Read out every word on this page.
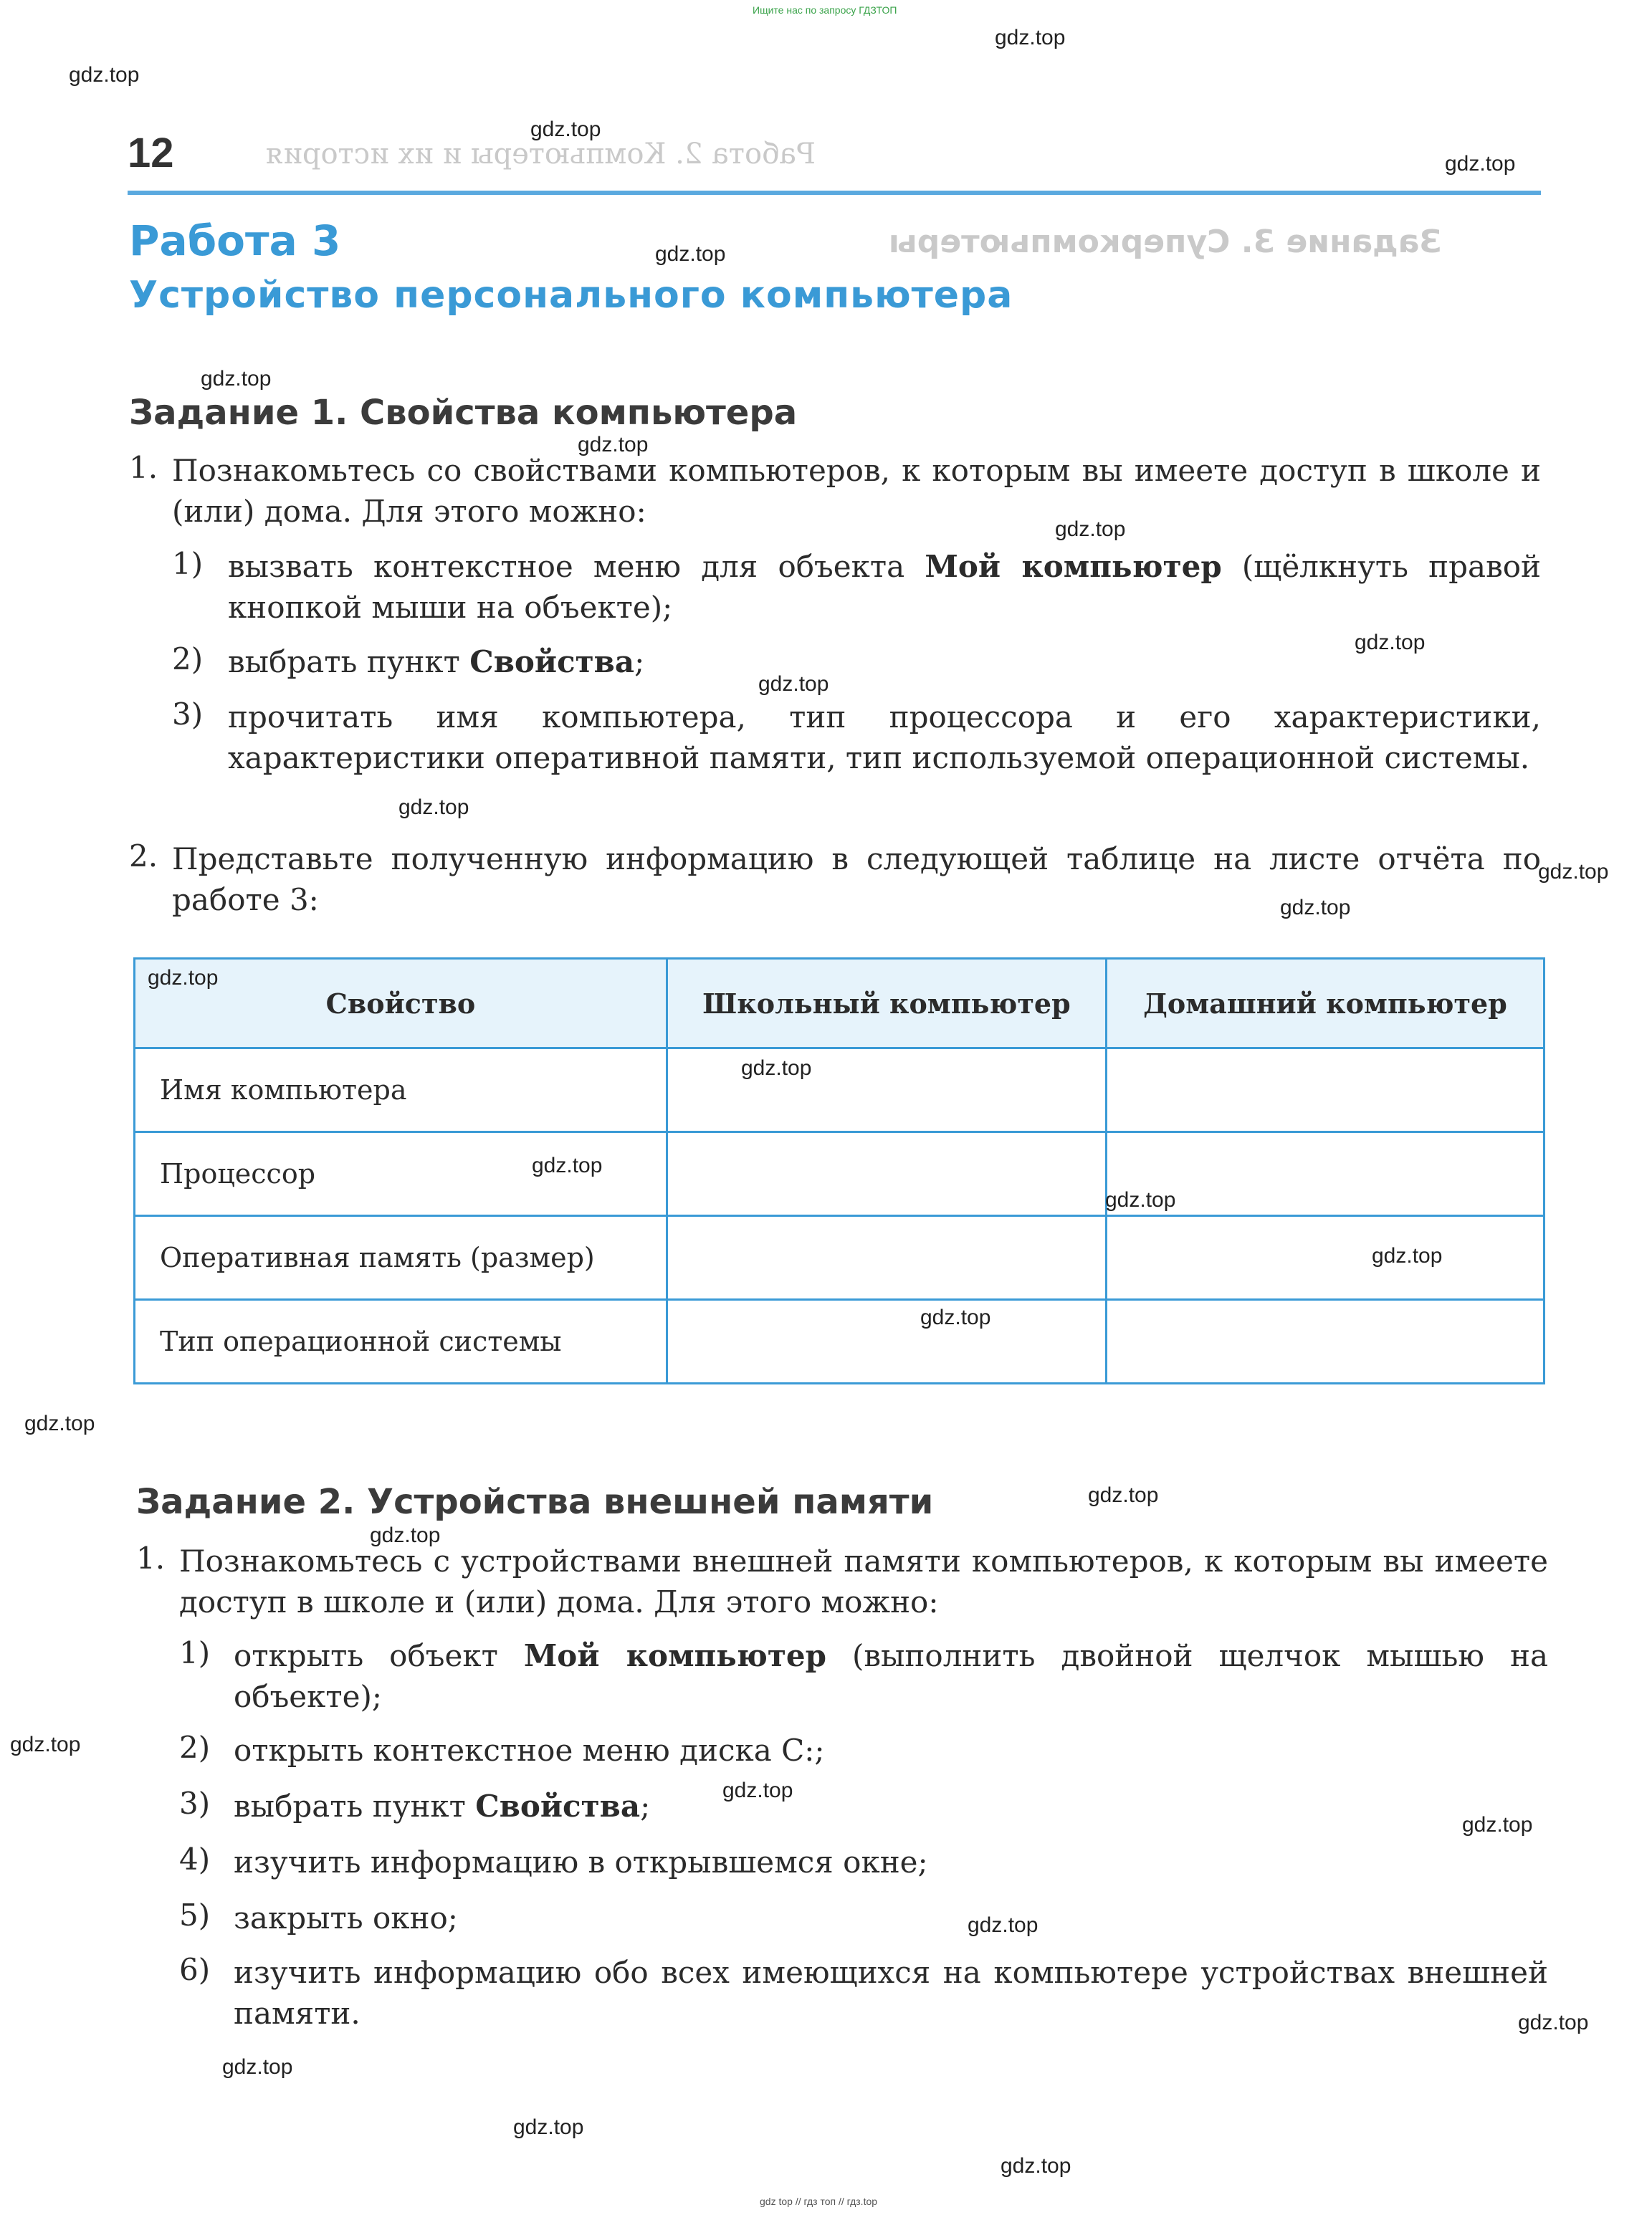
Ищите нас по запросу ГДЗТОП
gdz top // гдз топ // гдз.top
Работа 2. Компьютеры и их история
Задание 3. Суперкомпьютеры
12
Работа 3
Устройство персонального компьютера
Задание 1. Свойства компьютера
1. Познакомьтесь со свойствами компьютеров, к которым вы имеете доступ в школе и (или) дома. Для этого можно:
1) вызвать контекстное меню для объекта Мой компьютер (щёлкнуть правой кнопкой мыши на объекте);
2) выбрать пункт Свойства;
3) прочитать имя компьютера, тип процессора и его характеристики, характеристики оперативной памяти, тип используемой операционной системы.
2. Представьте полученную информацию в следующей таблице на листе отчёта по работе 3:
Свойство	Школьный компьютер	Домашний компьютер
Имя компьютера		
Процессор		
Оперативная память (размер)		
Тип операционной системы		
Задание 2. Устройства внешней памяти
1. Познакомьтесь с устройствами внешней памяти компьютеров, к которым вы имеете доступ в школе и (или) дома. Для этого можно:
1) открыть объект Мой компьютер (выполнить двойной щелчок мышью на объекте);
2) открыть контекстное меню диска С:;
3) выбрать пункт Свойства;
4) изучить информацию в открывшемся окне;
5) закрыть окно;
6) изучить информацию обо всех имеющихся на компьютере устройствах внешней памяти.
gdz.top
gdz.top
gdz.top
gdz.top
gdz.top
gdz.top
gdz.top
gdz.top
gdz.top
gdz.top
gdz.top
gdz.top
gdz.top
gdz.top
gdz.top
gdz.top
gdz.top
gdz.top
gdz.top
gdz.top
gdz.top
gdz.top
gdz.top
gdz.top
gdz.top
gdz.top
gdz.top
gdz.top
gdz.top
gdz.top
